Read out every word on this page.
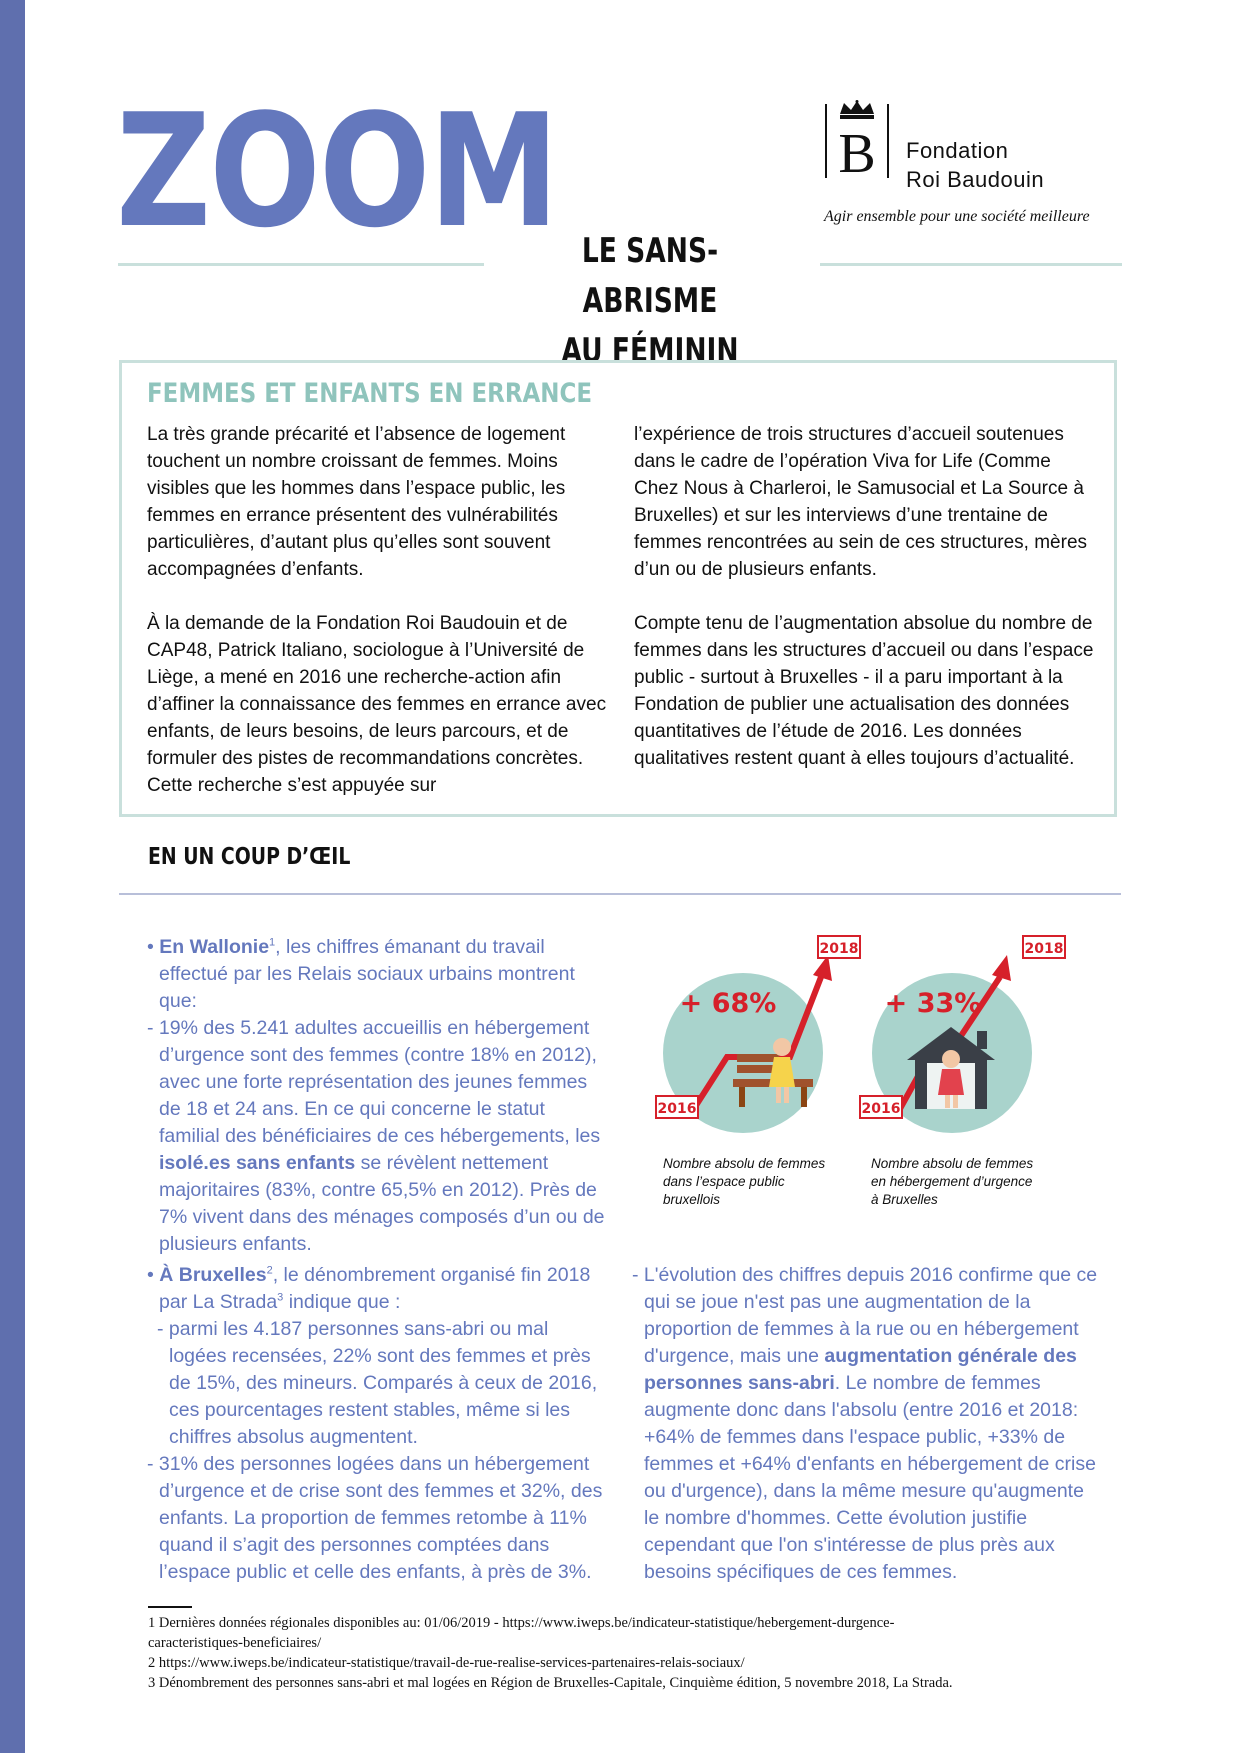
ZOOM LE SANS-ABRISME
AU FÉMININ
B Fondation
Roi Baudouin
Agir ensemble pour une société meilleure
FEMMES ET ENFANTS EN ERRANCE

La très grande précarité et l’absence de logement touchent un nombre croissant de femmes. Moins visibles que les hommes dans l’espace public, les femmes en errance présentent des vulnérabilités particulières, d’autant plus qu’elles sont souvent accompagnées d’enfants.

À la demande de la Fondation Roi Baudouin et de CAP48, Patrick Italiano, sociologue à l’Université de Liège, a mené en 2016 une recherche-action afin d’affiner la connaissance des femmes en errance avec enfants, de leurs besoins, de leurs parcours, et de formuler des pistes de recommandations concrètes. Cette recherche s’est appuyée sur

l’expérience de trois structures d’accueil soutenues dans le cadre de l’opération Viva for Life (Comme Chez Nous à Charleroi, le Samusocial et La Source à Bruxelles) et sur les interviews d’une trentaine de femmes rencontrées au sein de ces structures, mères d’un ou de plusieurs enfants.

Compte tenu de l’augmentation absolue du nombre de femmes dans les structures d’accueil ou dans l’espace public - surtout à Bruxelles - il a paru important à la Fondation de publier une actualisation des données quantitatives de l’étude de 2016. Les données qualitatives restent quant à elles toujours d’actualité.

EN UN COUP D’ŒIL

• En Wallonie$^1$, les chiffres émanant du travail effectué par les Relais sociaux urbains montrent que:

- 19% des 5.241 adultes accueillis en hébergement d’urgence sont des femmes (contre 18% en 2012), avec une forte représentation des jeunes femmes de 18 et 24 ans. En ce qui concerne le statut familial des bénéficiaires de ces hébergements, les isolé.es sans enfants se révèlent nettement majoritaires (83%, contre 65,5% en 2012). Près de 7% vivent dans des ménages composés d’un ou de plusieurs enfants.

• À Bruxelles$^2$, le dénombrement organisé fin 2018 par La Strada$^3$ indique que :

- parmi les 4.187 personnes sans-abri ou mal logées recensées, 22% sont des femmes et près de 15%, des mineurs. Comparés à ceux de 2016, ces pourcentages restent stables, même si les chiffres absolus augmentent.

- 31% des personnes logées dans un hébergement d’urgence et de crise sont des femmes et 32%, des enfants. La proportion de femmes retombe à 11% quand il s’agit des personnes comptées dans l’espace public et celle des enfants, à près de 3%.

- L'évolution des chiffres depuis 2016 confirme que ce qui se joue n'est pas une augmentation de la proportion de femmes à la rue ou en hébergement d'urgence, mais une augmentation générale des personnes sans-abri. Le nombre de femmes augmente donc dans l'absolu (entre 2016 et 2018: +64% de femmes dans l'espace public, +33% de femmes et +64% d'enfants en hébergement de crise ou d'urgence), dans la même mesure qu'augmente le nombre d'hommes. Cette évolution justifie cependant que l'on s'intéresse de plus près aux besoins spécifiques de ces femmes.

2016
2018
+ 68%
2016
2018
+ 33%
Nombre absolu de femmes
dans l’espace public
bruxellois
Nombre absolu de femmes
en hébergement d’urgence
à Bruxelles

1 Dernières données régionales disponibles au: 01/06/2019 - https://www.iweps.be/indicateur-statistique/hebergement-durgence-

caracteristiques-beneficiaires/

2 https://www.iweps.be/indicateur-statistique/travail-de-rue-realise-services-partenaires-relais-sociaux/

3 Dénombrement des personnes sans-abri et mal logées en Région de Bruxelles-Capitale, Cinquième édition, 5 novembre 2018, La Strada.
